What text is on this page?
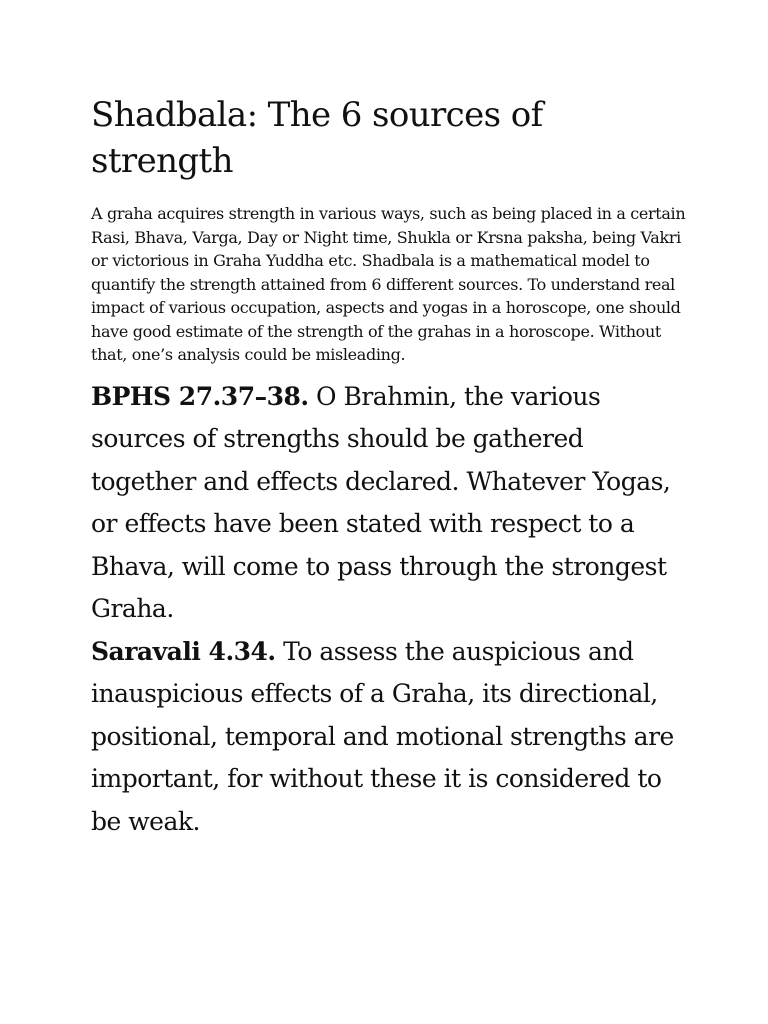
Shadbala: The 6 sources of strength

A graha acquires strength in various ways, such as being placed in a certain Rasi, Bhava, Varga, Day or Night time, Shukla or Krsna paksha, being Vakri or victorious in Graha Yuddha etc. Shadbala is a mathematical model to quantify the strength attained from 6 different sources. To understand real impact of various occupation, aspects and yogas in a horoscope, one should have good estimate of the strength of the grahas in a horoscope. Without that, one’s analysis could be misleading.

BPHS 27.37–38. O Brahmin, the various sources of strengths should be gathered together and effects declared. Whatever Yogas, or effects have been stated with respect to a Bhava, will come to pass through the strongest Graha.

Saravali 4.34. To assess the auspicious and inauspicious effects of a Graha, its directional, positional, temporal and motional strengths are important, for without these it is considered to be weak.
